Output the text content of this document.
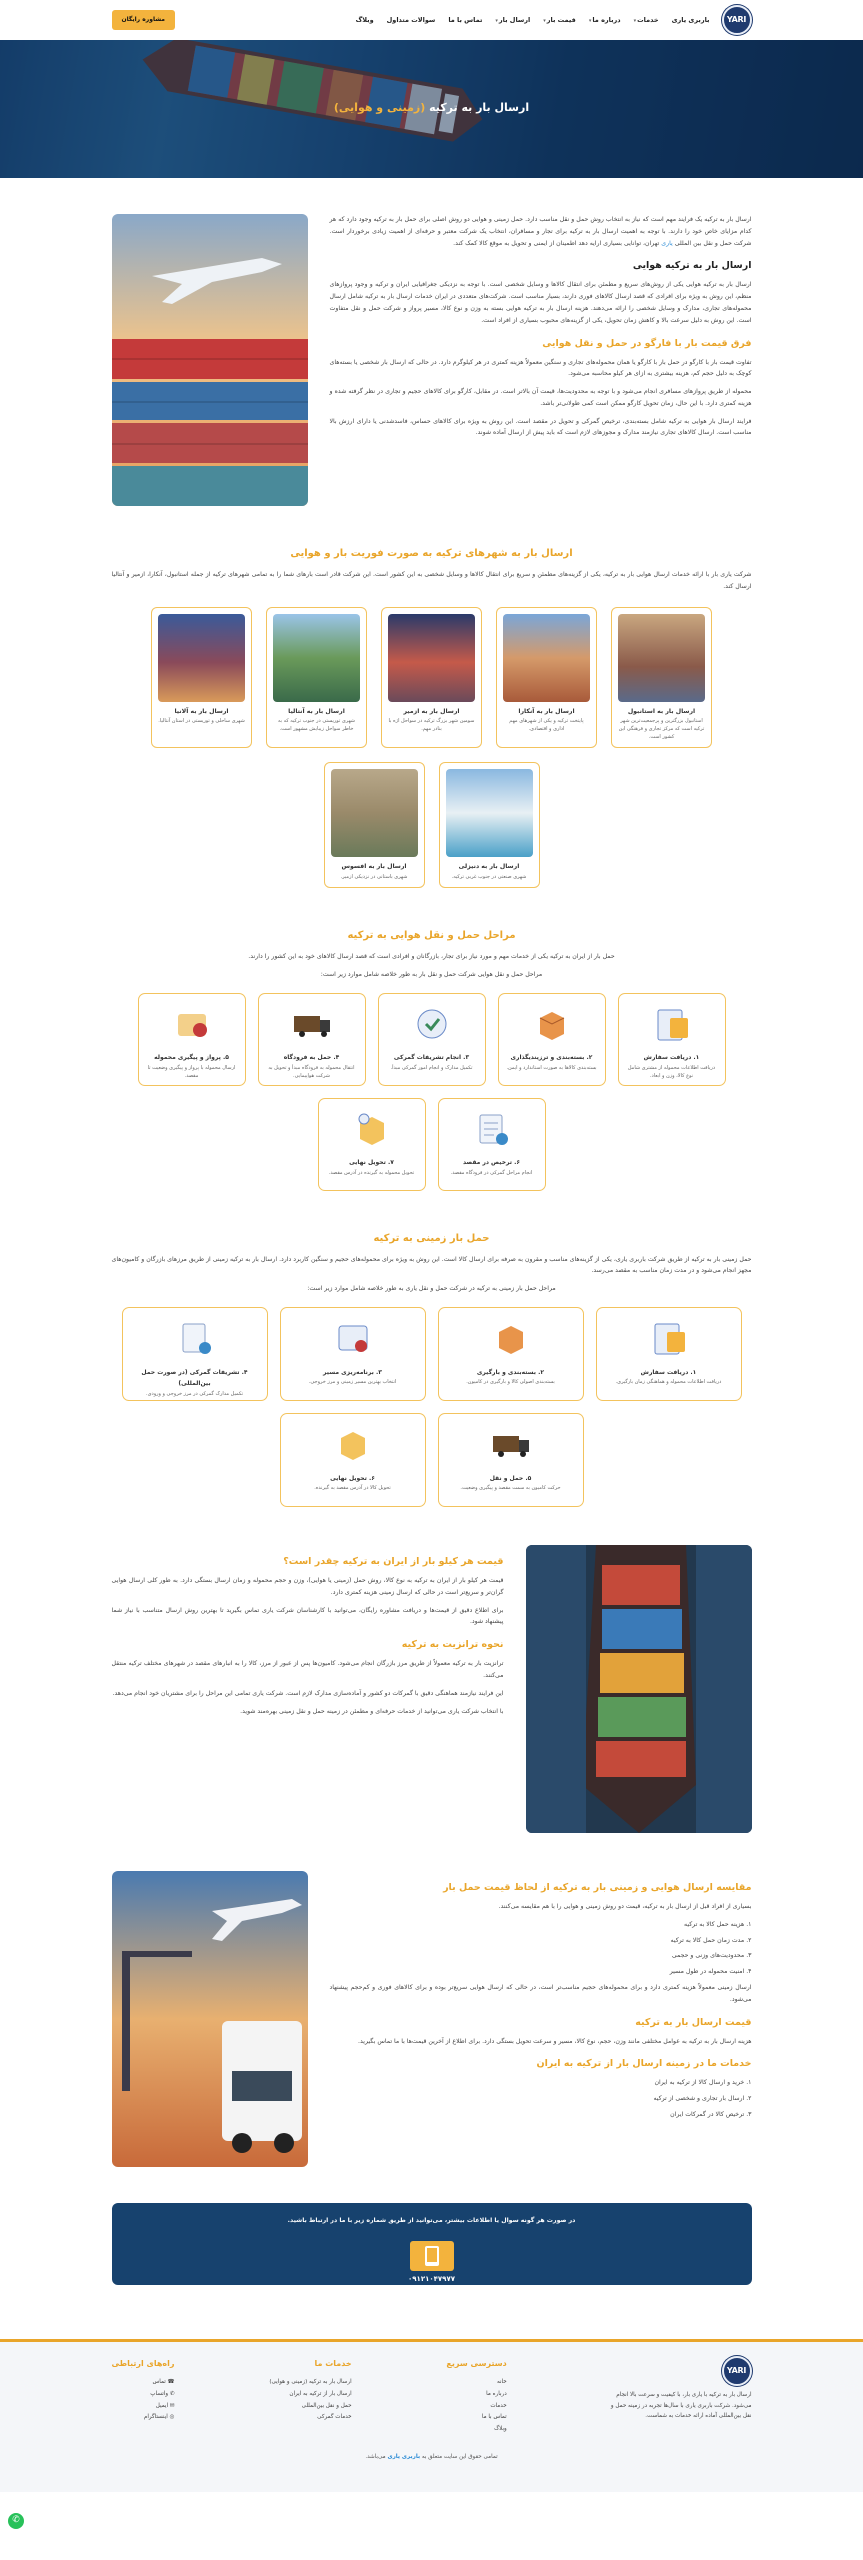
YARI
باربری یاری
خدمات▾
درباره ما▾
قیمت بار▾
ارسال بار▾
تماس با ما
سوالات متداول
وبلاگ
مشاوره رایگان
ارسال بار به ترکیه (زمینی و هوایی)

ارسال بار به ترکیه یک فرایند مهم است که نیاز به انتخاب روش حمل و نقل مناسب دارد. حمل زمینی و هوایی دو روش اصلی برای حمل بار به ترکیه وجود دارد که هر کدام مزایای خاص خود را دارند. با توجه به اهمیت ارسال بار به ترکیه برای تجار و مسافران، انتخاب یک شرکت معتبر و حرفه‌ای از اهمیت زیادی برخوردار است. شرکت حمل و نقل بین المللی یاری تهران، توانایی بسیاری ارایه دهد اطمینان از ایمنی و تحویل به موقع کالا کمک کند.

ارسال بار به ترکیه هوایی

ارسال بار به ترکیه هوایی یکی از روش‌های سریع و مطمئن برای انتقال کالاها و وسایل شخصی است. با توجه به نزدیکی جغرافیایی ایران و ترکیه و وجود پروازهای منظم، این روش به ویژه برای افرادی که قصد ارسال کالاهای فوری دارند، بسیار مناسب است. شرکت‌های متعددی در ایران خدمات ارسال بار به ترکیه شامل ارسال محموله‌های تجاری، مدارک و وسایل شخصی را ارائه می‌دهند. هزینه ارسال بار به ترکیه هوایی بسته به وزن و نوع کالا، مسیر پرواز و شرکت حمل و نقل متفاوت است. این روش به دلیل سرعت بالا و کاهش زمان تحویل، یکی از گزینه‌های محبوب بسیاری از افراد است.

فرق قیمت بار با فارگو در حمل و نقل هوایی

تفاوت قیمت بار با کارگو در حمل بار با کارگو یا همان محموله‌های تجاری و سنگین معمولاً هزینه کمتری در هر کیلوگرم دارد. در حالی که ارسال بار شخصی یا بسته‌های کوچک به دلیل حجم کم، هزینه بیشتری به ازای هر کیلو محاسبه می‌شود.

محموله از طریق پروازهای مسافری انجام می‌شود و با توجه به محدودیت‌ها، قیمت آن بالاتر است. در مقابل، کارگو برای کالاهای حجیم و تجاری در نظر گرفته شده و هزینه کمتری دارد. با این حال، زمان تحویل کارگو ممکن است کمی طولانی‌تر باشد.

فرایند ارسال بار هوایی به ترکیه شامل بسته‌بندی، ترخیص گمرکی و تحویل در مقصد است. این روش به ویژه برای کالاهای حساس، فاسدشدنی یا دارای ارزش بالا مناسب است. ارسال کالاهای تجاری نیازمند مدارک و مجوزهای لازم است که باید پیش از ارسال آماده شوند.

ارسال بار به شهرهای ترکیه به صورت فوریت بار و هوایی

شرکت یاری بار با ارائه خدمات ارسال هوایی بار به ترکیه، یکی از گزینه‌های مطمئن و سریع برای انتقال کالاها و وسایل شخصی به این کشور است. این شرکت قادر است بارهای شما را به تمامی شهرهای ترکیه از جمله استانبول، آنکارا، ازمیر و آنتالیا ارسال کند.

ارسال بار به استانبول
استانبول بزرگترین و پرجمعیت‌ترین شهر ترکیه است که مرکز تجاری و فرهنگی این کشور است.
ارسال بار به آنکارا
پایتخت ترکیه و یکی از شهرهای مهم اداری و اقتصادی.
ارسال بار به ازمیر
سومین شهر بزرگ ترکیه در سواحل اژه با بنادر مهم.
ارسال بار به آنتالیا
شهری توریستی در جنوب ترکیه که به خاطر سواحل زیبایش مشهور است.
ارسال بار به آلانیا
شهری ساحلی و توریستی در استان آنتالیا.
ارسال بار به دنیزلی
شهری صنعتی در جنوب غربی ترکیه.
ارسال بار به افسوس
شهری باستانی در نزدیکی ازمیر.
مراحل حمل و نقل هوایی به ترکیه

حمل بار از ایران به ترکیه یکی از خدمات مهم و مورد نیاز برای تجار، بازرگانان و افرادی است که قصد ارسال کالاهای خود به این کشور را دارند.

مراحل حمل و نقل هوایی شرکت حمل و نقل بار به طور خلاصه شامل موارد زیر است:

۱. دریافت سفارش
دریافت اطلاعات محموله از مشتری شامل نوع کالا، وزن و ابعاد.
۲. بسته‌بندی و ترزیندیگذاری
بسته‌بندی کالاها به صورت استاندارد و ایمن.
۳. انجام تشریفات گمرکی
تکمیل مدارک و انجام امور گمرکی مبدأ.
۴. حمل به فرودگاه
انتقال محموله به فرودگاه مبدأ و تحویل به شرکت هواپیمایی.
۵. پرواز و پیگیری محموله
ارسال محموله با پرواز و پیگیری وضعیت تا مقصد.
۶. ترخیص در مقصد
انجام مراحل گمرکی در فرودگاه مقصد.
۷. تحویل نهایی
تحویل محموله به گیرنده در آدرس مقصد.
حمل بار زمینی به ترکیه

حمل زمینی بار به ترکیه از طریق شرکت باربری یاری، یکی از گزینه‌های مناسب و مقرون به صرفه برای ارسال کالا است. این روش به ویژه برای محموله‌های حجیم و سنگین کاربرد دارد. ارسال بار به ترکیه زمینی از طریق مرزهای بازرگان و کامیون‌های مجهز انجام می‌شود و در مدت زمان مناسب به مقصد می‌رسد.

مراحل حمل بار زمینی به ترکیه در شرکت حمل و نقل یاری به طور خلاصه شامل موارد زیر است:

۱. دریافت سفارش
دریافت اطلاعات محموله و هماهنگی زمان بارگیری.
۲. بسته‌بندی و بارگیری
بسته‌بندی اصولی کالا و بارگیری در کامیون.
۳. برنامه‌ریزی مسیر
انتخاب بهترین مسیر زمینی و مرز خروجی.
۴. تشریفات گمرکی (در صورت حمل بین‌المللی)
تکمیل مدارک گمرکی در مرز خروجی و ورودی.
۵. حمل و نقل
حرکت کامیون به سمت مقصد و پیگیری وضعیت.
۶. تحویل نهایی
تحویل کالا در آدرس مقصد به گیرنده.
قیمت هر کیلو بار از ایران به ترکیه چقدر است؟

قیمت هر کیلو بار از ایران به ترکیه به نوع کالا، روش حمل (زمینی یا هوایی)، وزن و حجم محموله و زمان ارسال بستگی دارد. به طور کلی ارسال هوایی گران‌تر و سریع‌تر است در حالی که ارسال زمینی هزینه کمتری دارد.

برای اطلاع دقیق از قیمت‌ها و دریافت مشاوره رایگان، می‌توانید با کارشناسان شرکت یاری تماس بگیرید تا بهترین روش ارسال متناسب با نیاز شما پیشنهاد شود.

نحوه ترانزیت به ترکیه

ترانزیت بار به ترکیه معمولاً از طریق مرز بازرگان انجام می‌شود. کامیون‌ها پس از عبور از مرز، کالا را به انبارهای مقصد در شهرهای مختلف ترکیه منتقل می‌کنند.

این فرایند نیازمند هماهنگی دقیق با گمرکات دو کشور و آماده‌سازی مدارک لازم است. شرکت یاری تمامی این مراحل را برای مشتریان خود انجام می‌دهد.

با انتخاب شرکت یاری می‌توانید از خدمات حرفه‌ای و مطمئن در زمینه حمل و نقل زمینی بهره‌مند شوید.

مقایسه ارسال هوایی و زمینی بار به ترکیه از لحاظ قیمت حمل بار

بسیاری از افراد قبل از ارسال بار به ترکیه، قیمت دو روش زمینی و هوایی را با هم مقایسه می‌کنند.

۱. هزینه حمل کالا به ترکیه
۲. مدت زمان حمل کالا به ترکیه
۳. محدودیت‌های وزنی و حجمی
۴. امنیت محموله در طول مسیر

ارسال زمینی معمولاً هزینه کمتری دارد و برای محموله‌های حجیم مناسب‌تر است، در حالی که ارسال هوایی سریع‌تر بوده و برای کالاهای فوری و کم‌حجم پیشنهاد می‌شود.

قیمت ارسال بار به ترکیه

هزینه ارسال بار به ترکیه به عوامل مختلفی مانند وزن، حجم، نوع کالا، مسیر و سرعت تحویل بستگی دارد. برای اطلاع از آخرین قیمت‌ها با ما تماس بگیرید.

خدمات ما در زمینه ارسال بار از ترکیه به ایران
۱. خرید و ارسال کالا از ترکیه به ایران
۲. ارسال بار تجاری و شخصی از ترکیه
۳. ترخیص کالا در گمرکات ایران
در صورت هر گونه سوال یا اطلاعات بیشتر، می‌توانید از طریق شماره زیر با ما در ارتباط باشید.
۰۹۱۲۱۰۴۷۹۷۷
YARI
ارسال بار به ترکیه با یاری بار، با کیفیت و سرعت بالا انجام می‌شود. شرکت باربری یاری با سال‌ها تجربه در زمینه حمل و نقل بین‌المللی آماده ارائه خدمات به شماست.
دسترسی سریع
خانه
درباره ما
خدمات
تماس با ما
وبلاگ
خدمات ما
ارسال بار به ترکیه (زمینی و هوایی)
ارسال بار از ترکیه به ایران
حمل و نقل بین‌المللی
خدمات گمرکی
راه‌های ارتباطی
☎ تماس
✆ واتساپ
✉ ایمیل
◎ اینستاگرام
تمامی حقوق این سایت متعلق به باربری یاری می‌باشد.
✆
